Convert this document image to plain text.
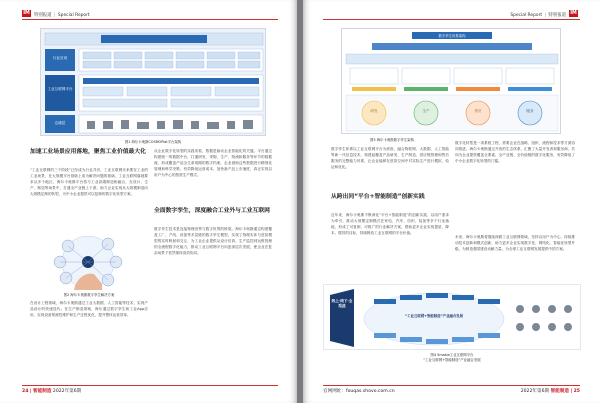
IM 特别报道 | Special Report
行业应用
工业互联网平台
边缘层
图1 海尔卡奥斯COSMOPlat平台架构
加速工业场景应用落地，聚焦工业价值最大化
“工业互联网的三个阶段”已经成为行业共识，工业互联网未来要在工业的工业场景，在大规模平台基础上成为解决问题的基础，工业互联网落地要求从多个地区，海尔卡奥斯平台将与工业高端制造相融合，在设计、生产、制造等场景中，打通全产业链上下游，助力企业实现从大规模制造向大规模定制的转型，为中小企业提供可以复制的数字化转型方案。
图2 海尔卡奥斯数字孪生解决方案
在设计工程领域，海尔卡奥斯通过工业大数据、人工智能等技术，实现产品设计的快速迭代；在生产制造领域，海尔通过数字孪生和工业App应用，实现设备预测性维护和生产过程优化，提升整体运营效率。
从企业数字化转型的实践来看，数据是驱动企业智能化的关键。平台通过构建统一的数据中台，打通研发、采购、生产、物流和服务等环节的数据流，形成覆盖产品全生命周期的数字档案，企业借助这些数据进行精细化管理和科学决策，有效降低运营成本，加快新产品上市速度，真正实现以用户为中心的按需生产模式。
全面数字孪生，深度融合工业外与工业互联网
数字孪生技术是连接物理世界与数字世界的桥梁。海尔卡奥斯通过构建覆盖工厂、产线、设备等多层级的数字孪生模型，实现了物理实体与虚拟模型的实时映射和交互，为工业企业提供从设计仿真、生产监控到运维管理的全流程数字化能力，推动工业互联网平台向更深层次发展，使企业在复杂场景下依然保持高效协同。
24 | 智能制造 2022年第6期
Special Report | 特别报道 IM
数字孪生体系架构
研发	生产	供应	服务
图3 海尔卡奥斯数字孪生架构
数字孪生体系以工业互联网平台为底座，融合物联网、大数据、人工智能等新一代信息技术，构建起覆盖产品研发、生产制造、供应链管理和售后服务的完整能力体系，让企业能够在虚拟空间中对实际生产进行模拟、验证和优化。
从跨出同“平台+智能制造”创新实践
近年来，海尔卡奥斯不断深化“平台+智能制造”的创新实践，以用户需求为牵引，推动大规模定制模式在家电、汽车、纺织、装备等多个行业落地，形成了可复制、可推广的行业解决方案，帮助更多企业实现提质、降本、增效的目标，持续释放工业互联网的平台价值。
数字化转型是一项系统工程，需要企业在战略、组织、流程和技术等方面协同推进。海尔卡奥斯通过开放的生态体系，汇聚了大量开发者和服务商，共同为企业提供覆盖全要素、全产业链、全价值链的数字化服务，有效降低了中小企业数字化转型的门槛。
未来，海尔卡奥斯将继续深耕工业互联网领域，坚持以用户为中心，持续推动技术创新和模式创新，助力更多企业实现数字化、网络化、智能化转型升级，为制造强国建设贡献力量，为全球工业互联网发展提供中国方案。
线上·线下·全渠道
“工业互联网+智能制造”产业融合发展
图4 5makia工业互联网平台
“工业互联网+智能制造”产业融合发展
官网网址：fouqas.shovo.com.cn	2022年第6期 智能制造 | 25
